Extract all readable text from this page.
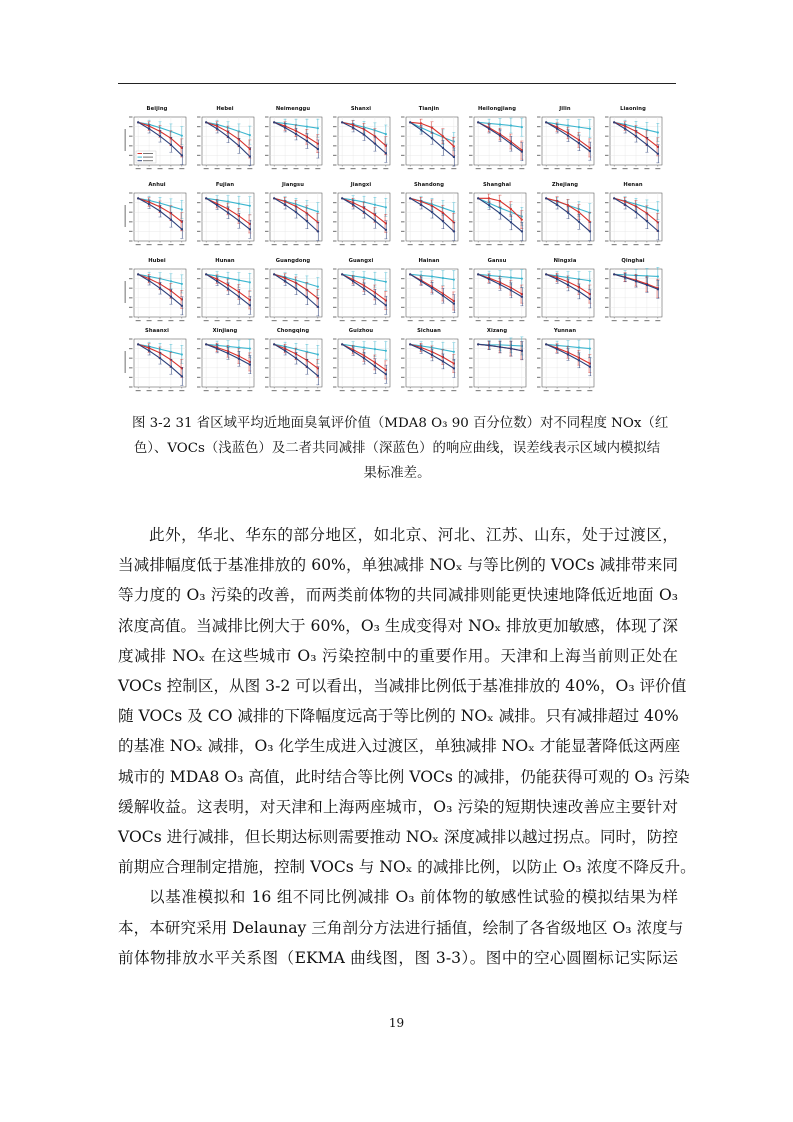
Beijing	Hebei	Neimenggu	Shanxi	Tianjin	Heilongjiang	Jilin	Liaoning
Anhui	Fujian	Jiangsu	Jiangxi	Shandong	Shanghai	Zhejiang	Henan
Hubei	Hunan	Guangdong	Guangxi	Hainan	Gansu	Ningxia	Qinghai
Shaanxi	Xinjiang	Chongqing	Guizhou	Sichuan	Xizang	Yunnan
图 3-2 31 省区域平均近地面臭氧评价值（MDA8 O₃ 90 百分位数）对不同程度 NOx（红
色）、VOCs（浅蓝色）及二者共同减排（深蓝色）的响应曲线，误差线表示区域内模拟结
果标准差。
此外，华北、华东的部分地区，如北京、河北、江苏、山东，处于过渡区，
当减排幅度低于基准排放的 60%，单独减排 NOₓ 与等比例的 VOCs 减排带来同
等力度的 O₃ 污染的改善，而两类前体物的共同减排则能更快速地降低近地面 O₃
浓度高值。当减排比例大于 60%，O₃ 生成变得对 NOₓ 排放更加敏感，体现了深
度减排 NOₓ 在这些城市 O₃ 污染控制中的重要作用。天津和上海当前则正处在
VOCs 控制区，从图 3-2 可以看出，当减排比例低于基准排放的 40%，O₃ 评价值
随 VOCs 及 CO 减排的下降幅度远高于等比例的 NOₓ 减排。只有减排超过 40%
的基准 NOₓ 减排，O₃ 化学生成进入过渡区，单独减排 NOₓ 才能显著降低这两座
城市的 MDA8 O₃ 高值，此时结合等比例 VOCs 的减排，仍能获得可观的 O₃ 污染
缓解收益。这表明，对天津和上海两座城市，O₃ 污染的短期快速改善应主要针对
VOCs 进行减排，但长期达标则需要推动 NOₓ 深度减排以越过拐点。同时，防控
前期应合理制定措施，控制 VOCs 与 NOₓ 的减排比例，以防止 O₃ 浓度不降反升。
以基准模拟和 16 组不同比例减排 O₃ 前体物的敏感性试验的模拟结果为样
本，本研究采用 Delaunay 三角剖分方法进行插值，绘制了各省级地区 O₃ 浓度与
前体物排放水平关系图（EKMA 曲线图，图 3-3）。图中的空心圆圈标记实际运
19
